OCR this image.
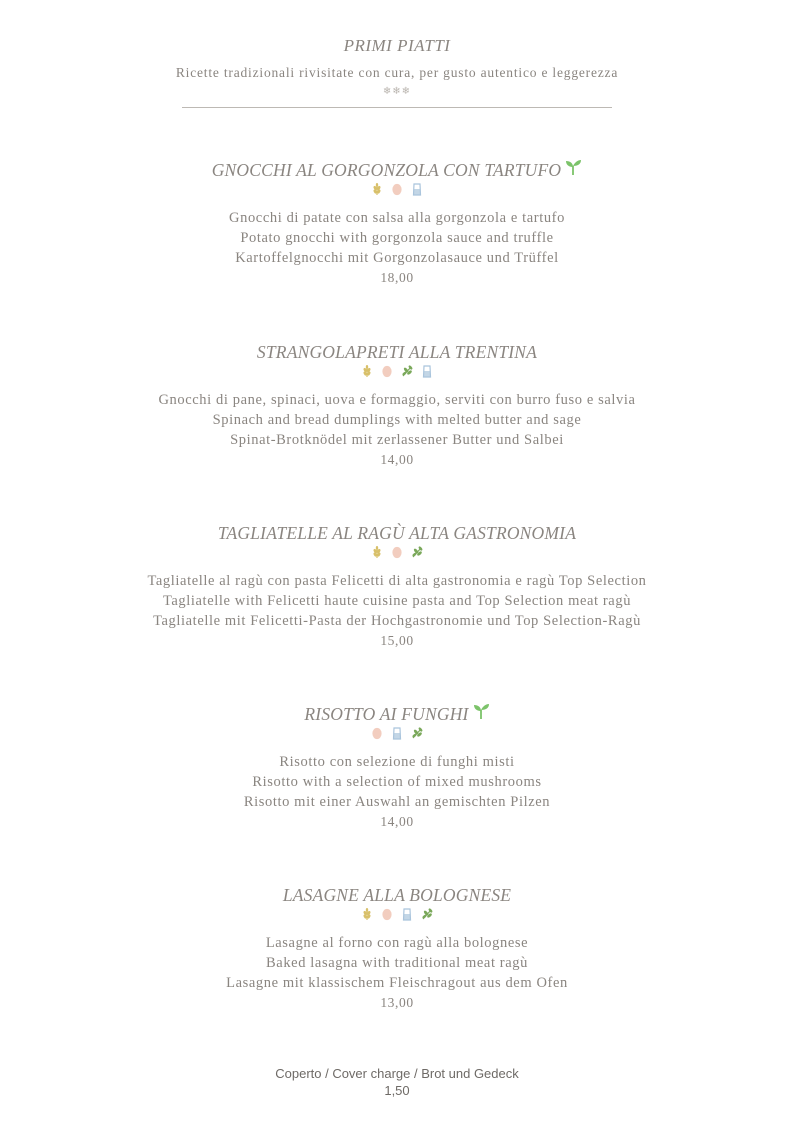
PRIMI PIATTI
Ricette tradizionali rivisitate con cura, per gusto autentico e leggerezza
❄❄❄
GNOCCHI AL GORGONZOLA CON TARTUFO
Gnocchi di patate con salsa alla gorgonzola e tartufo
Potato gnocchi with gorgonzola sauce and truffle
Kartoffelgnocchi mit Gorgonzolasauce und Trüffel
18,00
STRANGOLAPRETI ALLA TRENTINA
Gnocchi di pane, spinaci, uova e formaggio, serviti con burro fuso e salvia
Spinach and bread dumplings with melted butter and sage
Spinat-Brotknödel mit zerlassener Butter und Salbei
14,00
TAGLIATELLE AL RAGÙ ALTA GASTRONOMIA
Tagliatelle al ragù con pasta Felicetti di alta gastronomia e ragù Top Selection
Tagliatelle with Felicetti haute cuisine pasta and Top Selection meat ragù
Tagliatelle mit Felicetti-Pasta der Hochgastronomie und Top Selection-Ragù
15,00
RISOTTO AI FUNGHI
Risotto con selezione di funghi misti
Risotto with a selection of mixed mushrooms
Risotto mit einer Auswahl an gemischten Pilzen
14,00
LASAGNE ALLA BOLOGNESE
Lasagne al forno con ragù alla bolognese
Baked lasagna with traditional meat ragù
Lasagne mit klassischem Fleischragout aus dem Ofen
13,00
Coperto / Cover charge / Brot und Gedeck
1,50
